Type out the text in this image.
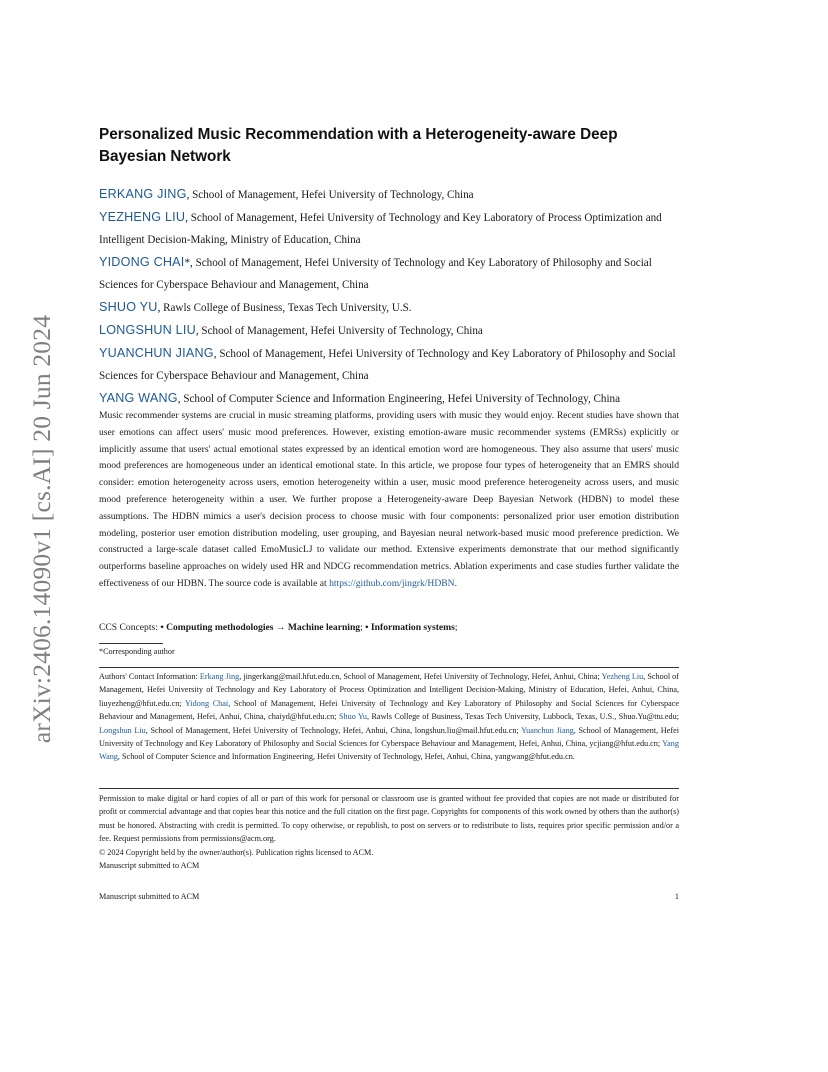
arXiv:2406.14090v1 [cs.AI] 20 Jun 2024
Personalized Music Recommendation with a Heterogeneity-aware Deep Bayesian Network

ERKANG JING, School of Management, Hefei University of Technology, China

YEZHENG LIU, School of Management, Hefei University of Technology and Key Laboratory of Process Optimization and Intelligent Decision-Making, Ministry of Education, China

YIDONG CHAI*, School of Management, Hefei University of Technology and Key Laboratory of Philosophy and Social Sciences for Cyberspace Behaviour and Management, China

SHUO YU, Rawls College of Business, Texas Tech University, U.S.

LONGSHUN LIU, School of Management, Hefei University of Technology, China

YUANCHUN JIANG, School of Management, Hefei University of Technology and Key Laboratory of Philosophy and Social Sciences for Cyberspace Behaviour and Management, China

YANG WANG, School of Computer Science and Information Engineering, Hefei University of Technology, China

Music recommender systems are crucial in music streaming platforms, providing users with music they would enjoy. Recent studies have shown that user emotions can affect users' music mood preferences. However, existing emotion-aware music recommender systems (EMRSs) explicitly or implicitly assume that users' actual emotional states expressed by an identical emotion word are homogeneous. They also assume that users' music mood preferences are homogeneous under an identical emotional state. In this article, we propose four types of heterogeneity that an EMRS should consider: emotion heterogeneity across users, emotion heterogeneity within a user, music mood preference heterogeneity across users, and music mood preference heterogeneity within a user. We further propose a Heterogeneity-aware Deep Bayesian Network (HDBN) to model these assumptions. The HDBN mimics a user's decision process to choose music with four components: personalized prior user emotion distribution modeling, posterior user emotion distribution modeling, user grouping, and Bayesian neural network-based music mood preference prediction. We constructed a large-scale dataset called EmoMusicLJ to validate our method. Extensive experiments demonstrate that our method significantly outperforms baseline approaches on widely used HR and NDCG recommendation metrics. Ablation experiments and case studies further validate the effectiveness of our HDBN. The source code is available at https://github.com/jingrk/HDBN.

CCS Concepts: • Computing methodologies → Machine learning; • Information systems;

*Corresponding author

Authors' Contact Information: Erkang Jing, jingerkang@mail.hfut.edu.cn, School of Management, Hefei University of Technology, Hefei, Anhui, China; Yezheng Liu, School of Management, Hefei University of Technology and Key Laboratory of Process Optimization and Intelligent Decision-Making, Ministry of Education, Hefei, Anhui, China, liuyezheng@hfut.edu.cn; Yidong Chai, School of Management, Hefei University of Technology and Key Laboratory of Philosophy and Social Sciences for Cyberspace Behaviour and Management, Hefei, Anhui, China, chaiyd@hfut.edu.cn; Shuo Yu, Rawls College of Business, Texas Tech University, Lubbock, Texas, U.S., Shuo.Yu@ttu.edu; Longshun Liu, School of Management, Hefei University of Technology, Hefei, Anhui, China, longshun.liu@mail.hfut.edu.cn; Yuanchun Jiang, School of Management, Hefei University of Technology and Key Laboratory of Philosophy and Social Sciences for Cyberspace Behaviour and Management, Hefei, Anhui, China, ycjiang@hfut.edu.cn; Yang Wang, School of Computer Science and Information Engineering, Hefei University of Technology, Hefei, Anhui, China, yangwang@hfut.edu.cn.

Permission to make digital or hard copies of all or part of this work for personal or classroom use is granted without fee provided that copies are not made or distributed for profit or commercial advantage and that copies bear this notice and the full citation on the first page. Copyrights for components of this work owned by others than the author(s) must be honored. Abstracting with credit is permitted. To copy otherwise, or republish, to post on servers or to redistribute to lists, requires prior specific permission and/or a fee. Request permissions from permissions@acm.org.

© 2024 Copyright held by the owner/author(s). Publication rights licensed to ACM.

Manuscript submitted to ACM	1

Manuscript submitted to ACM
